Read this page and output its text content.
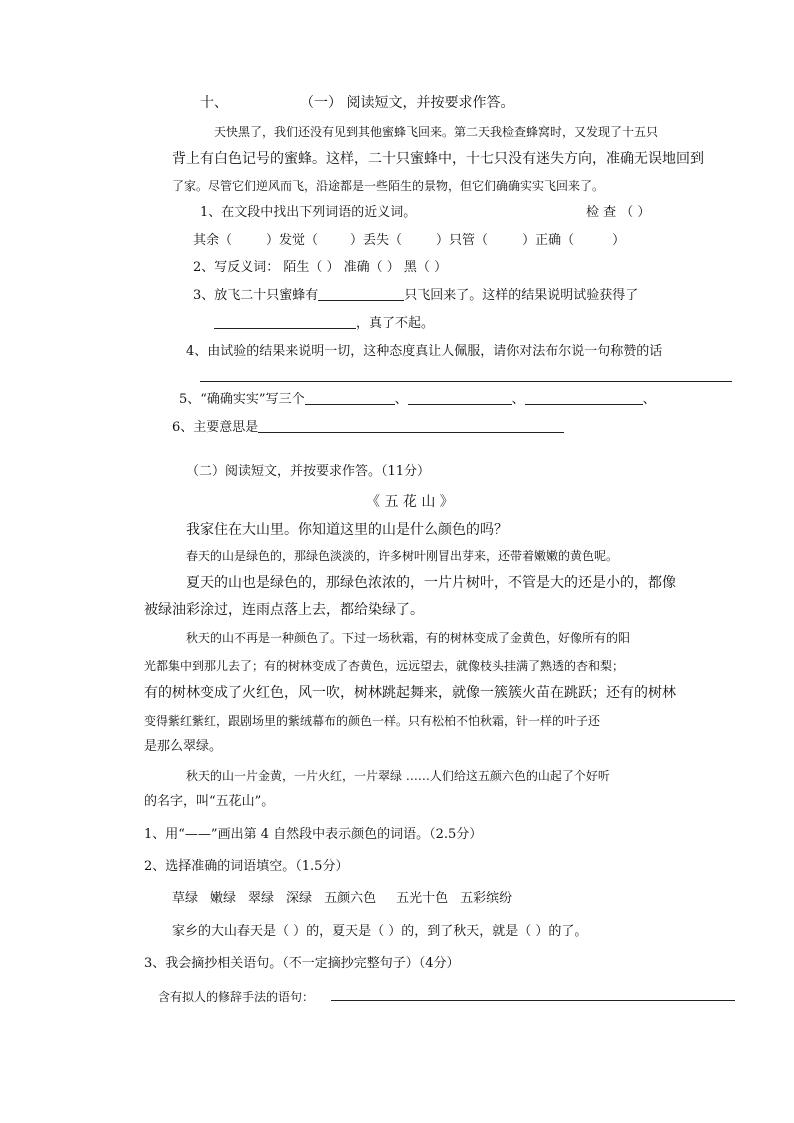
十、	（一） 阅读短文，并按要求作答。
天快黑了，我们还没有见到其他蜜蜂飞回来。第二天我检查蜂窝时，又发现了十五只
背上有白色记号的蜜蜂。这样，二十只蜜蜂中，十七只没有迷失方向，准确无误地回到
了家。尽管它们逆风而飞，沿途都是一些陌生的景物，但它们确确实实飞回来了。
1、在文段中找出下列词语的近义词。	检 查 （ ）
其余（	）发觉（ ）丢失（	）只管（	）正确（	）
2、写反义词： 陌生（ ） 准确（ ） 黑（ ）
3、放飞二十只蜜蜂有	只飞回来了。这样的结果说明试验获得了
，真了不起。
4、由试验的结果来说明一切，这种态度真让人佩服，请你对法布尔说一句称赞的话
5、“确确实实”写三个	、	、	、
6、主要意思是
（二）阅读短文，并按要求作答。（11分）
《 五 花 山 》
我家住在大山里。你知道这里的山是什么颜色的吗？
春天的山是绿色的，那绿色淡淡的，许多树叶刚冒出芽来，还带着嫩嫩的黄色呢。
夏天的山也是绿色的，那绿色浓浓的，一片片树叶，不管是大的还是小的，都像
被绿油彩涂过，连雨点落上去，都给染绿了。
秋天的山不再是一种颜色了。下过一场秋霜，有的树林变成了金黄色，好像所有的阳
光都集中到那儿去了；有的树林变成了杏黄色，远远望去，就像枝头挂满了熟透的杏和梨；
有的树林变成了火红色，风一吹，树林跳起舞来，就像一簇簇火苗在跳跃；还有的树林
变得紫红紫红，跟剧场里的紫绒幕布的颜色一样。只有松柏不怕秋霜，针一样的叶子还
是那么翠绿。
秋天的山一片金黄，一片火红，一片翠绿 ……人们给这五颜六色的山起了个好听
的名字，叫“五花山”。
1、用“——”画出第 4 自然段中表示颜色的词语。（2.5分）
2、选择准确的词语填空。（1.5分）
草绿 嫩绿 翠绿 深绿 五颜六色 五光十色 五彩缤纷
家乡的大山春天是（ ）的，夏天是（ ）的，到了秋天，就是（ ）的了。
3、我会摘抄相关语句。（不一定摘抄完整句子）（4分）
含有拟人的修辞手法的语句：
